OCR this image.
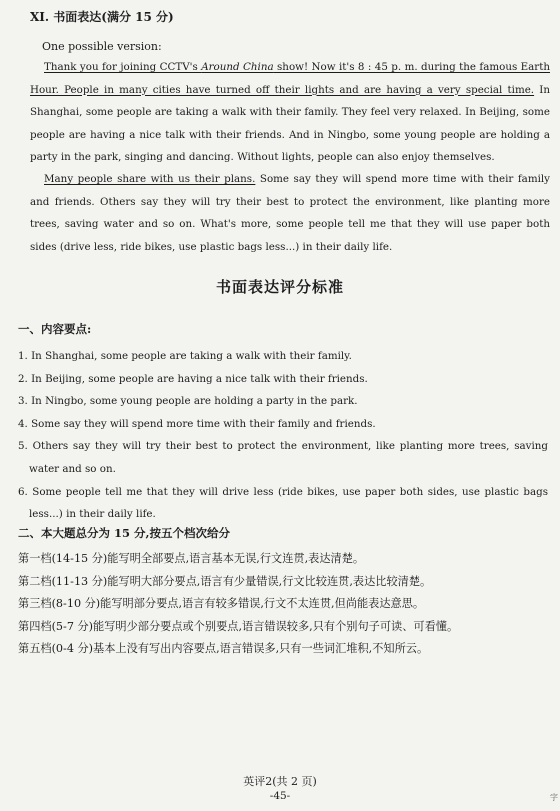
XI. 书面表达(满分 15 分)
One possible version:

Thank you for joining CCTV's Around China show! Now it's 8 : 45 p. m. during the famous Earth Hour. People in many cities have turned off their lights and are having a very special time. In Shanghai, some people are taking a walk with their family. They feel very relaxed. In Beijing, some people are having a nice talk with their friends. And in Ningbo, some young people are holding a party in the park, singing and dancing. Without lights, people can also enjoy themselves.

Many people share with us their plans. Some say they will spend more time with their family and friends. Others say they will try their best to protect the environment, like planting more trees, saving water and so on. What's more, some people tell me that they will use paper both sides (drive less, ride bikes, use plastic bags less...) in their daily life.

书面表达评分标准
一、内容要点:
1. In Shanghai, some people are taking a walk with their family.
2. In Beijing, some people are having a nice talk with their friends.
3. In Ningbo, some young people are holding a party in the park.
4. Some say they will spend more time with their family and friends.
5. Others say they will try their best to protect the environment, like planting more trees, saving water and so on.
6. Some people tell me that they will drive less (ride bikes, use paper both sides, use plastic bags less...) in their daily life.
二、本大题总分为 15 分,按五个档次给分
第一档(14-15 分)能写明全部要点,语言基本无误,行文连贯,表达清楚。
第二档(11-13 分)能写明大部分要点,语言有少量错误,行文比较连贯,表达比较清楚。
第三档(8-10 分)能写明部分要点,语言有较多错误,行文不太连贯,但尚能表达意思。
第四档(5-7 分)能写明少部分要点或个别要点,语言错误较多,只有个别句子可读、可看懂。
第五档(0-4 分)基本上没有写出内容要点,语言错误多,只有一些词汇堆积,不知所云。
英评2(共 2 页)
-45-	字
